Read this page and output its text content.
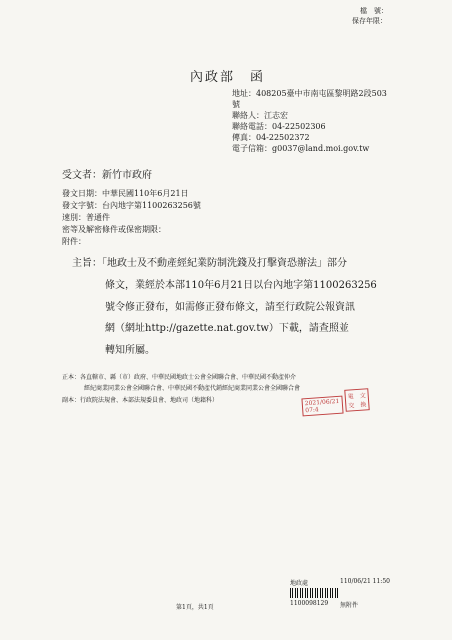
檔　號：
保存年限：
內政部　函
地址：408205臺中市南屯區黎明路2段503
號
聯絡人：江志宏
聯絡電話：04-22502306
傳真：04-22502372
電子信箱：g0037@land.moi.gov.tw
受文者：新竹市政府
發文日期：中華民國110年6月21日
發文字號：台內地字第1100263256號
速別：普通件
密等及解密條件或保密期限：
附件：
主旨：「地政士及不動產經紀業防制洗錢及打擊資恐辦法」部分
條文，業經於本部110年6月21日以台內地字第1100263256
號令修正發布，如需修正發布條文，請至行政院公報資訊
網（網址http://gazette.nat.gov.tw）下載，請查照並
轉知所屬。
正本：各直轄市、縣（市）政府、中華民國地政士公會全國聯合會、中華民國不動產仲介
經紀商業同業公會全國聯合會、中華民國不動產代銷經紀商業同業公會全國聯合會
副本：行政院法規會、本部法規委員會、地政司（地籍科）	電　文
交　換
2021/06/21
07:4
地政處	110/06/21 11:50
1100098129 無附件
第1頁，共1頁
